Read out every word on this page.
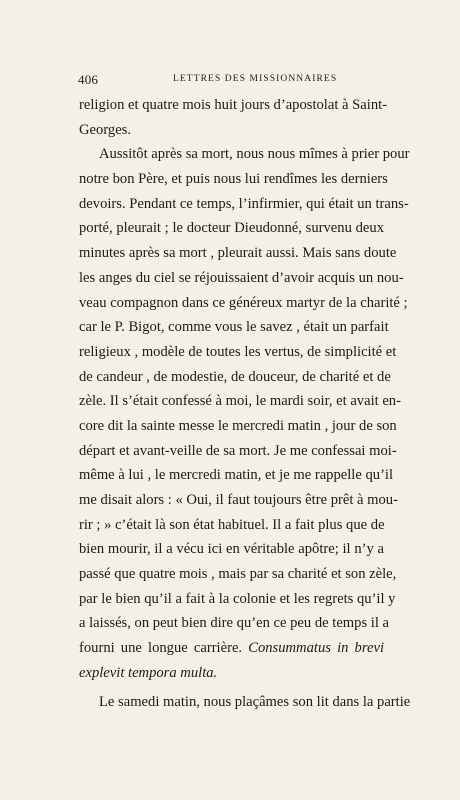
406	LETTRES DES MISSIONNAIRES
religion et quatre mois huit jours d’apostolat à Saint-
Georges.
Aussitôt après sa mort, nous nous mîmes à prier pour
notre bon Père, et puis nous lui rendîmes les derniers
devoirs. Pendant ce temps, l’infirmier, qui était un trans-
porté, pleurait ; le docteur Dieudonné, survenu deux
minutes après sa mort , pleurait aussi. Mais sans doute
les anges du ciel se réjouissaient d’avoir acquis un nou-
veau compagnon dans ce généreux martyr de la charité ;
car le P. Bigot, comme vous le savez , était un parfait
religieux , modèle de toutes les vertus, de simplicité et
de candeur , de modestie, de douceur, de charité et de
zèle. Il s’était confessé à moi, le mardi soir, et avait en-
core dit la sainte messe le mercredi matin , jour de son
départ et avant-veille de sa mort. Je me confessai moi-
même à lui , le mercredi matin, et je me rappelle qu’il
me disait alors : « Oui, il faut toujours être prêt à mou-
rir ; » c’était là son état habituel. Il a fait plus que de
bien mourir, il a vécu ici en véritable apôtre; il n’y a
passé que quatre mois , mais par sa charité et son zèle,
par le bien qu’il a fait à la colonie et les regrets qu’il y
a laissés, on peut bien dire qu’en ce peu de temps il a
fourni une longue carrière. Consummatus in brevi
explevit tempora multa.
Le samedi matin, nous plaçâmes son lit dans la partie
